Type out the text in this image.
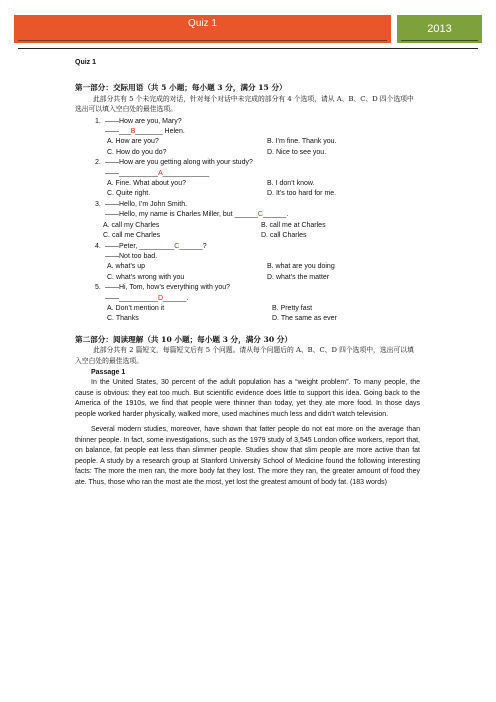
Quiz 1	2013
Quiz 1
第一部分：交际用语（共 5 小题；每小题 3 分，满分 15 分）
此部分共有 5 个未完成的对话，针对每个对话中未完成的部分有 4 个选项，请从 A、B、C、D 四个选项中选出可以填入空白处的最佳选项。
1. ——How are you, Mary?
——___B_______ Helen.
A. How are you?	B. I’m fine. Thank you.
C. How do you do?	D. Nice to see you.
2. ——How are you getting along with your study?
——__________A____________
A. Fine. What about you?	B. I don’t know.
C. Quite right.	D. It’s too hard for me.
3. ——Hello, I’m John Smith.
——Hello, my name is Charles Miller, but ______C______.
A. call my Charles	B. call me at Charles
C. call me Charles	D. call Charles
4. ——Peter, _________C______?
——Not too bad.
A. what’s up	B. what are you doing
C. what’s wrong with you	D. what’s the matter
5. ——Hi, Tom, how’s everything with you?
——__________D______.
A. Don’t mention it	B. Pretty fast
C. Thanks	D. The same as ever
第二部分：阅读理解（共 10 小题；每小题 3 分，满分 30 分）
此部分共有 2 篇短文，每篇短文后有 5 个问题。请从每个问题后的 A、B、C、D 四个选项中，选出可以填入空白处的最佳选项。
Passage 1

In the United States, 30 percent of the adult population has a “weight problem”. To many people, the cause is obvious: they eat too much. But scientific evidence does little to support this idea. Going back to the America of the 1910s, we find that people were thinner than today, yet they ate more food. In those days people worked harder physically, walked more, used machines much less and didn’t watch television.

Several modern studies, moreover, have shown that fatter people do not eat more on the average than thinner people. In fact, some investigations, such as the 1979 study of 3,545 London office workers, report that, on balance, fat people eat less than slimmer people. Studies show that slim people are more active than fat people. A study by a research group at Stanford University School of Medicine found the following interesting facts: The more the men ran, the more body fat they lost. The more they ran, the greater amount of food they ate. Thus, those who ran the most ate the most, yet lost the greatest amount of body fat. (183 words)
